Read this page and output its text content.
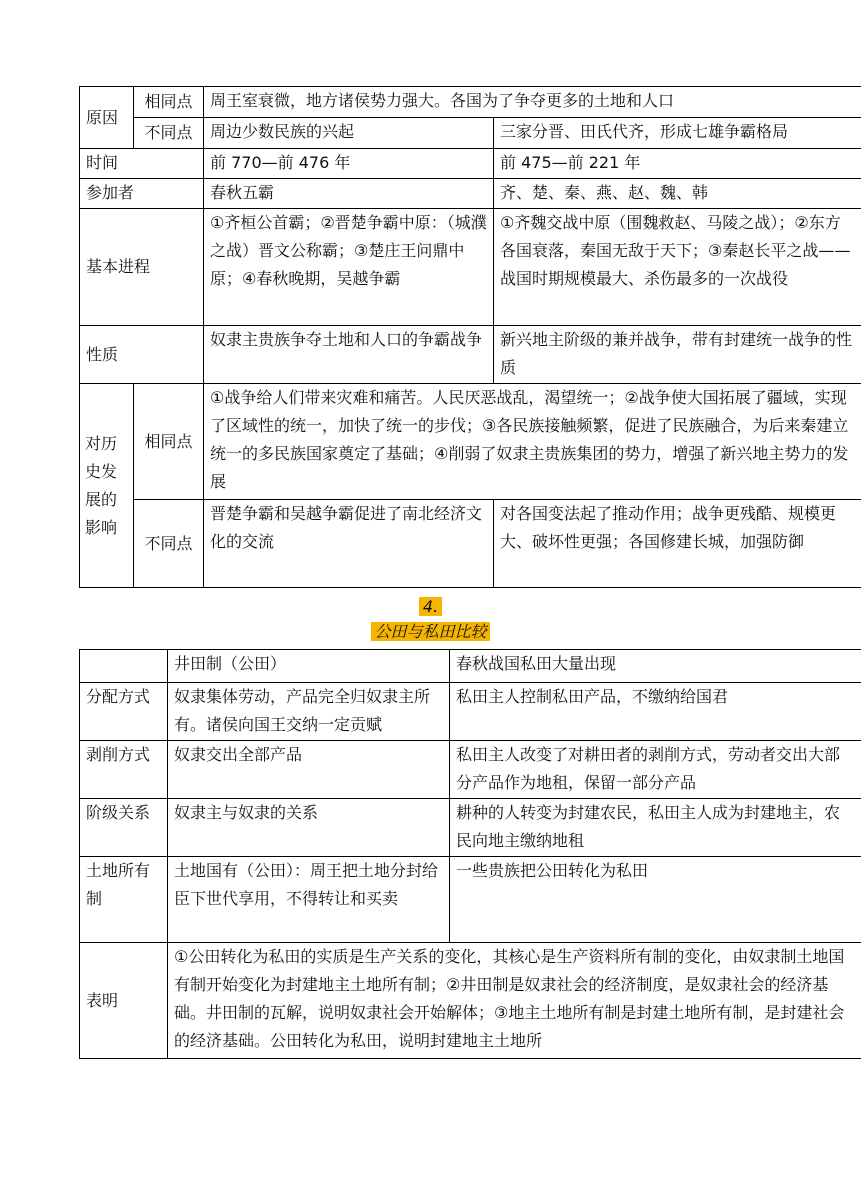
原因	相同点	周王室衰微，地方诸侯势力强大。各国为了争夺更多的土地和人口	
	不同点	周边少数民族的兴起	三家分晋、田氏代齐，形成七雄争霸格局
时间		前 770—前 476 年	前 475—前 221 年
参加者		春秋五霸	齐、楚、秦、燕、赵、魏、韩
基本进程		①齐桓公首霸；②晋楚争霸中原：（城濮之战）晋文公称霸；③楚庄王问鼎中原；④春秋晚期，吴越争霸	①齐魏交战中原（围魏救赵、马陵之战）；②东方各国衰落，秦国无敌于天下；③秦赵长平之战——战国时期规模最大、杀伤最多的一次战役
性质		奴隶主贵族争夺土地和人口的争霸战争	新兴地主阶级的兼并战争，带有封建统一战争的性质
对历史发展的影响	相同点	①战争给人们带来灾难和痛苦。人民厌恶战乱，渴望统一；②战争使大国拓展了疆域，实现了区域性的统一，加快了统一的步伐；③各民族接触频繁，促进了民族融合，为后来秦建立统一的多民族国家奠定了基础；④削弱了奴隶主贵族集团的势力，增强了新兴地主势力的发展	
	不同点	晋楚争霸和吴越争霸促进了南北经济文化的交流	对各国变法起了推动作用；战争更残酷、规模更大、破坏性更强；各国修建长城，加强防御
4.
公田与私田比较
	井田制（公田）	春秋战国私田大量出现
分配方式	奴隶集体劳动，产品完全归奴隶主所有。诸侯向国王交纳一定贡赋	私田主人控制私田产品，不缴纳给国君
剥削方式	奴隶交出全部产品	私田主人改变了对耕田者的剥削方式，劳动者交出大部分产品作为地租，保留一部分产品
阶级关系	奴隶主与奴隶的关系	耕种的人转变为封建农民，私田主人成为封建地主，农民向地主缴纳地租
土地所有制	土地国有（公田）：周王把土地分封给臣下世代享用，不得转让和买卖	一些贵族把公田转化为私田
表明	①公田转化为私田的实质是生产关系的变化，其核心是生产资料所有制的变化，由奴隶制土地国有制开始变化为封建地主土地所有制；②井田制是奴隶社会的经济制度，是奴隶社会的经济基础。井田制的瓦解，说明奴隶社会开始解体；③地主土地所有制是封建土地所有制，是封建社会的经济基础。公田转化为私田，说明封建地主土地所	
